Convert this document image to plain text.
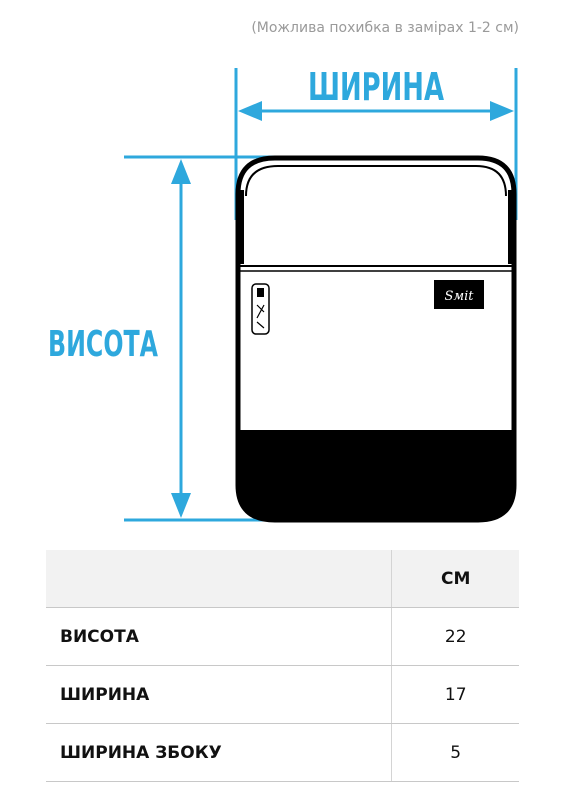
(Можлива похибка в замірах 1-2 см)
ШИРИНА
ВИСОТА
Sмit
	СМ
ВИСОТА	22
ШИРИНА	17
ШИРИНА ЗБОКУ	5
